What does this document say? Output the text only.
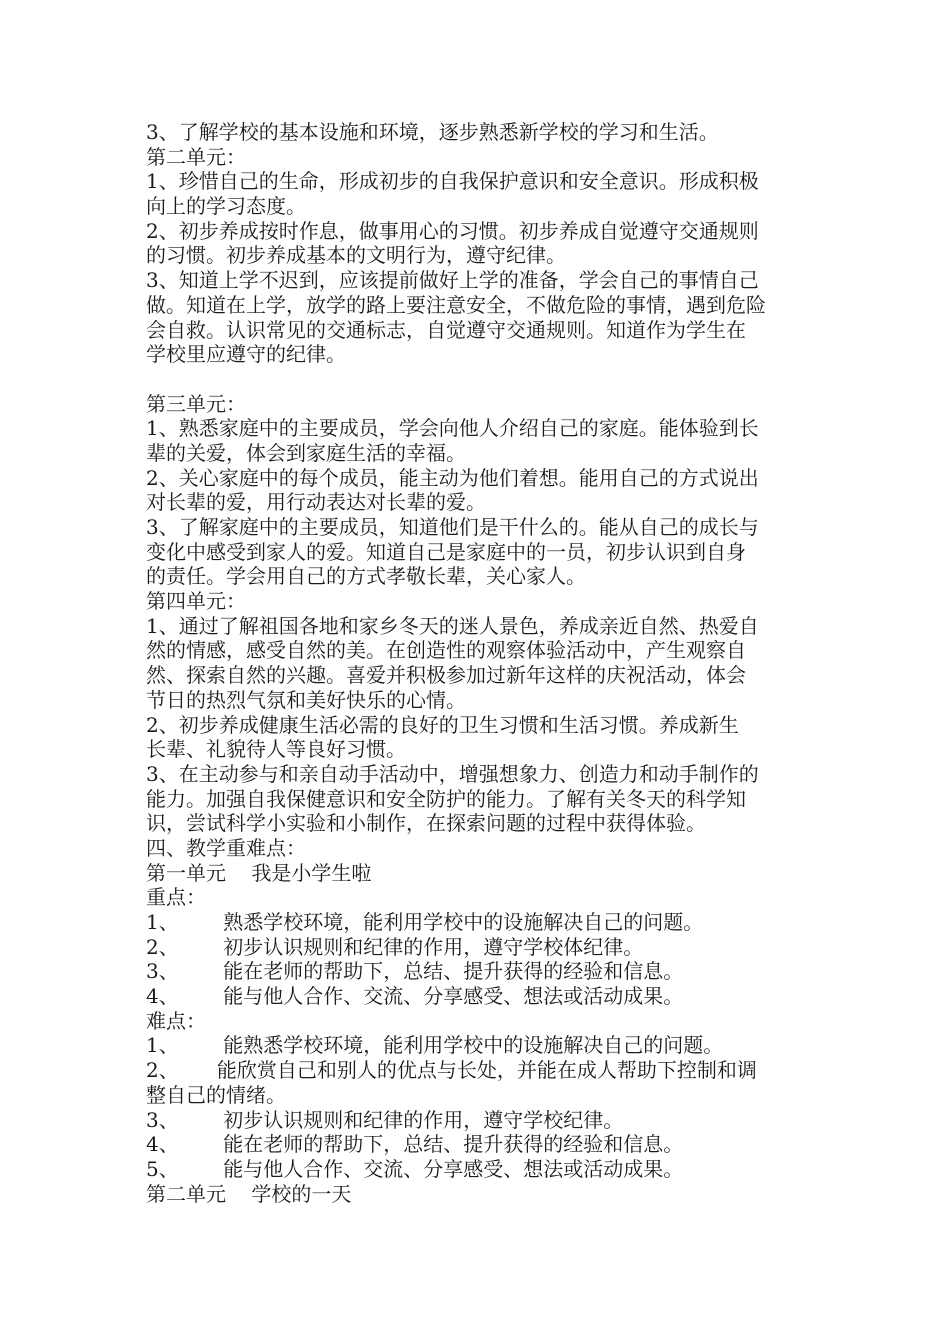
3、了解学校的基本设施和环境，逐步熟悉新学校的学习和生活。

第二单元：

1、珍惜自己的生命，形成初步的自我保护意识和安全意识。形成积极

向上的学习态度。

2、初步养成按时作息，做事用心的习惯。初步养成自觉遵守交通规则

的习惯。初步养成基本的文明行为，遵守纪律。

3、知道上学不迟到，应该提前做好上学的准备，学会自己的事情自己

做。知道在上学，放学的路上要注意安全，不做危险的事情，遇到危险

会自救。认识常见的交通标志，自觉遵守交通规则。知道作为学生在

学校里应遵守的纪律。

第三单元：

1、熟悉家庭中的主要成员，学会向他人介绍自己的家庭。能体验到长

辈的关爱，体会到家庭生活的幸福。

2、关心家庭中的每个成员，能主动为他们着想。能用自己的方式说出

对长辈的爱，用行动表达对长辈的爱。

3、了解家庭中的主要成员，知道他们是干什么的。能从自己的成长与

变化中感受到家人的爱。知道自己是家庭中的一员，初步认识到自身

的责任。学会用自己的方式孝敬长辈，关心家人。

第四单元：

1、通过了解祖国各地和家乡冬天的迷人景色，养成亲近自然、热爱自

然的情感，感受自然的美。在创造性的观察体验活动中，产生观察自

然、探索自然的兴趣。喜爱并积极参加过新年这样的庆祝活动，体会

节日的热烈气氛和美好快乐的心情。

2、初步养成健康生活必需的良好的卫生习惯和生活习惯。养成新生

长辈、礼貌待人等良好习惯。

3、在主动参与和亲自动手活动中，增强想象力、创造力和动手制作的

能力。加强自我保健意识和安全防护的能力。了解有关冬天的科学知

识，尝试科学小实验和小制作，在探索问题的过程中获得体验。

四、教学重难点：

第一单元    我是小学生啦

重点：

1、       熟悉学校环境，能利用学校中的设施解决自己的问题。

2、       初步认识规则和纪律的作用，遵守学校体纪律。

3、       能在老师的帮助下，总结、提升获得的经验和信息。

4、       能与他人合作、交流、分享感受、想法或活动成果。

难点：

1、       能熟悉学校环境，能利用学校中的设施解决自己的问题。

2、      能欣赏自己和别人的优点与长处，并能在成人帮助下控制和调

整自己的情绪。

3、       初步认识规则和纪律的作用，遵守学校纪律。

4、       能在老师的帮助下，总结、提升获得的经验和信息。

5、       能与他人合作、交流、分享感受、想法或活动成果。

第二单元    学校的一天
